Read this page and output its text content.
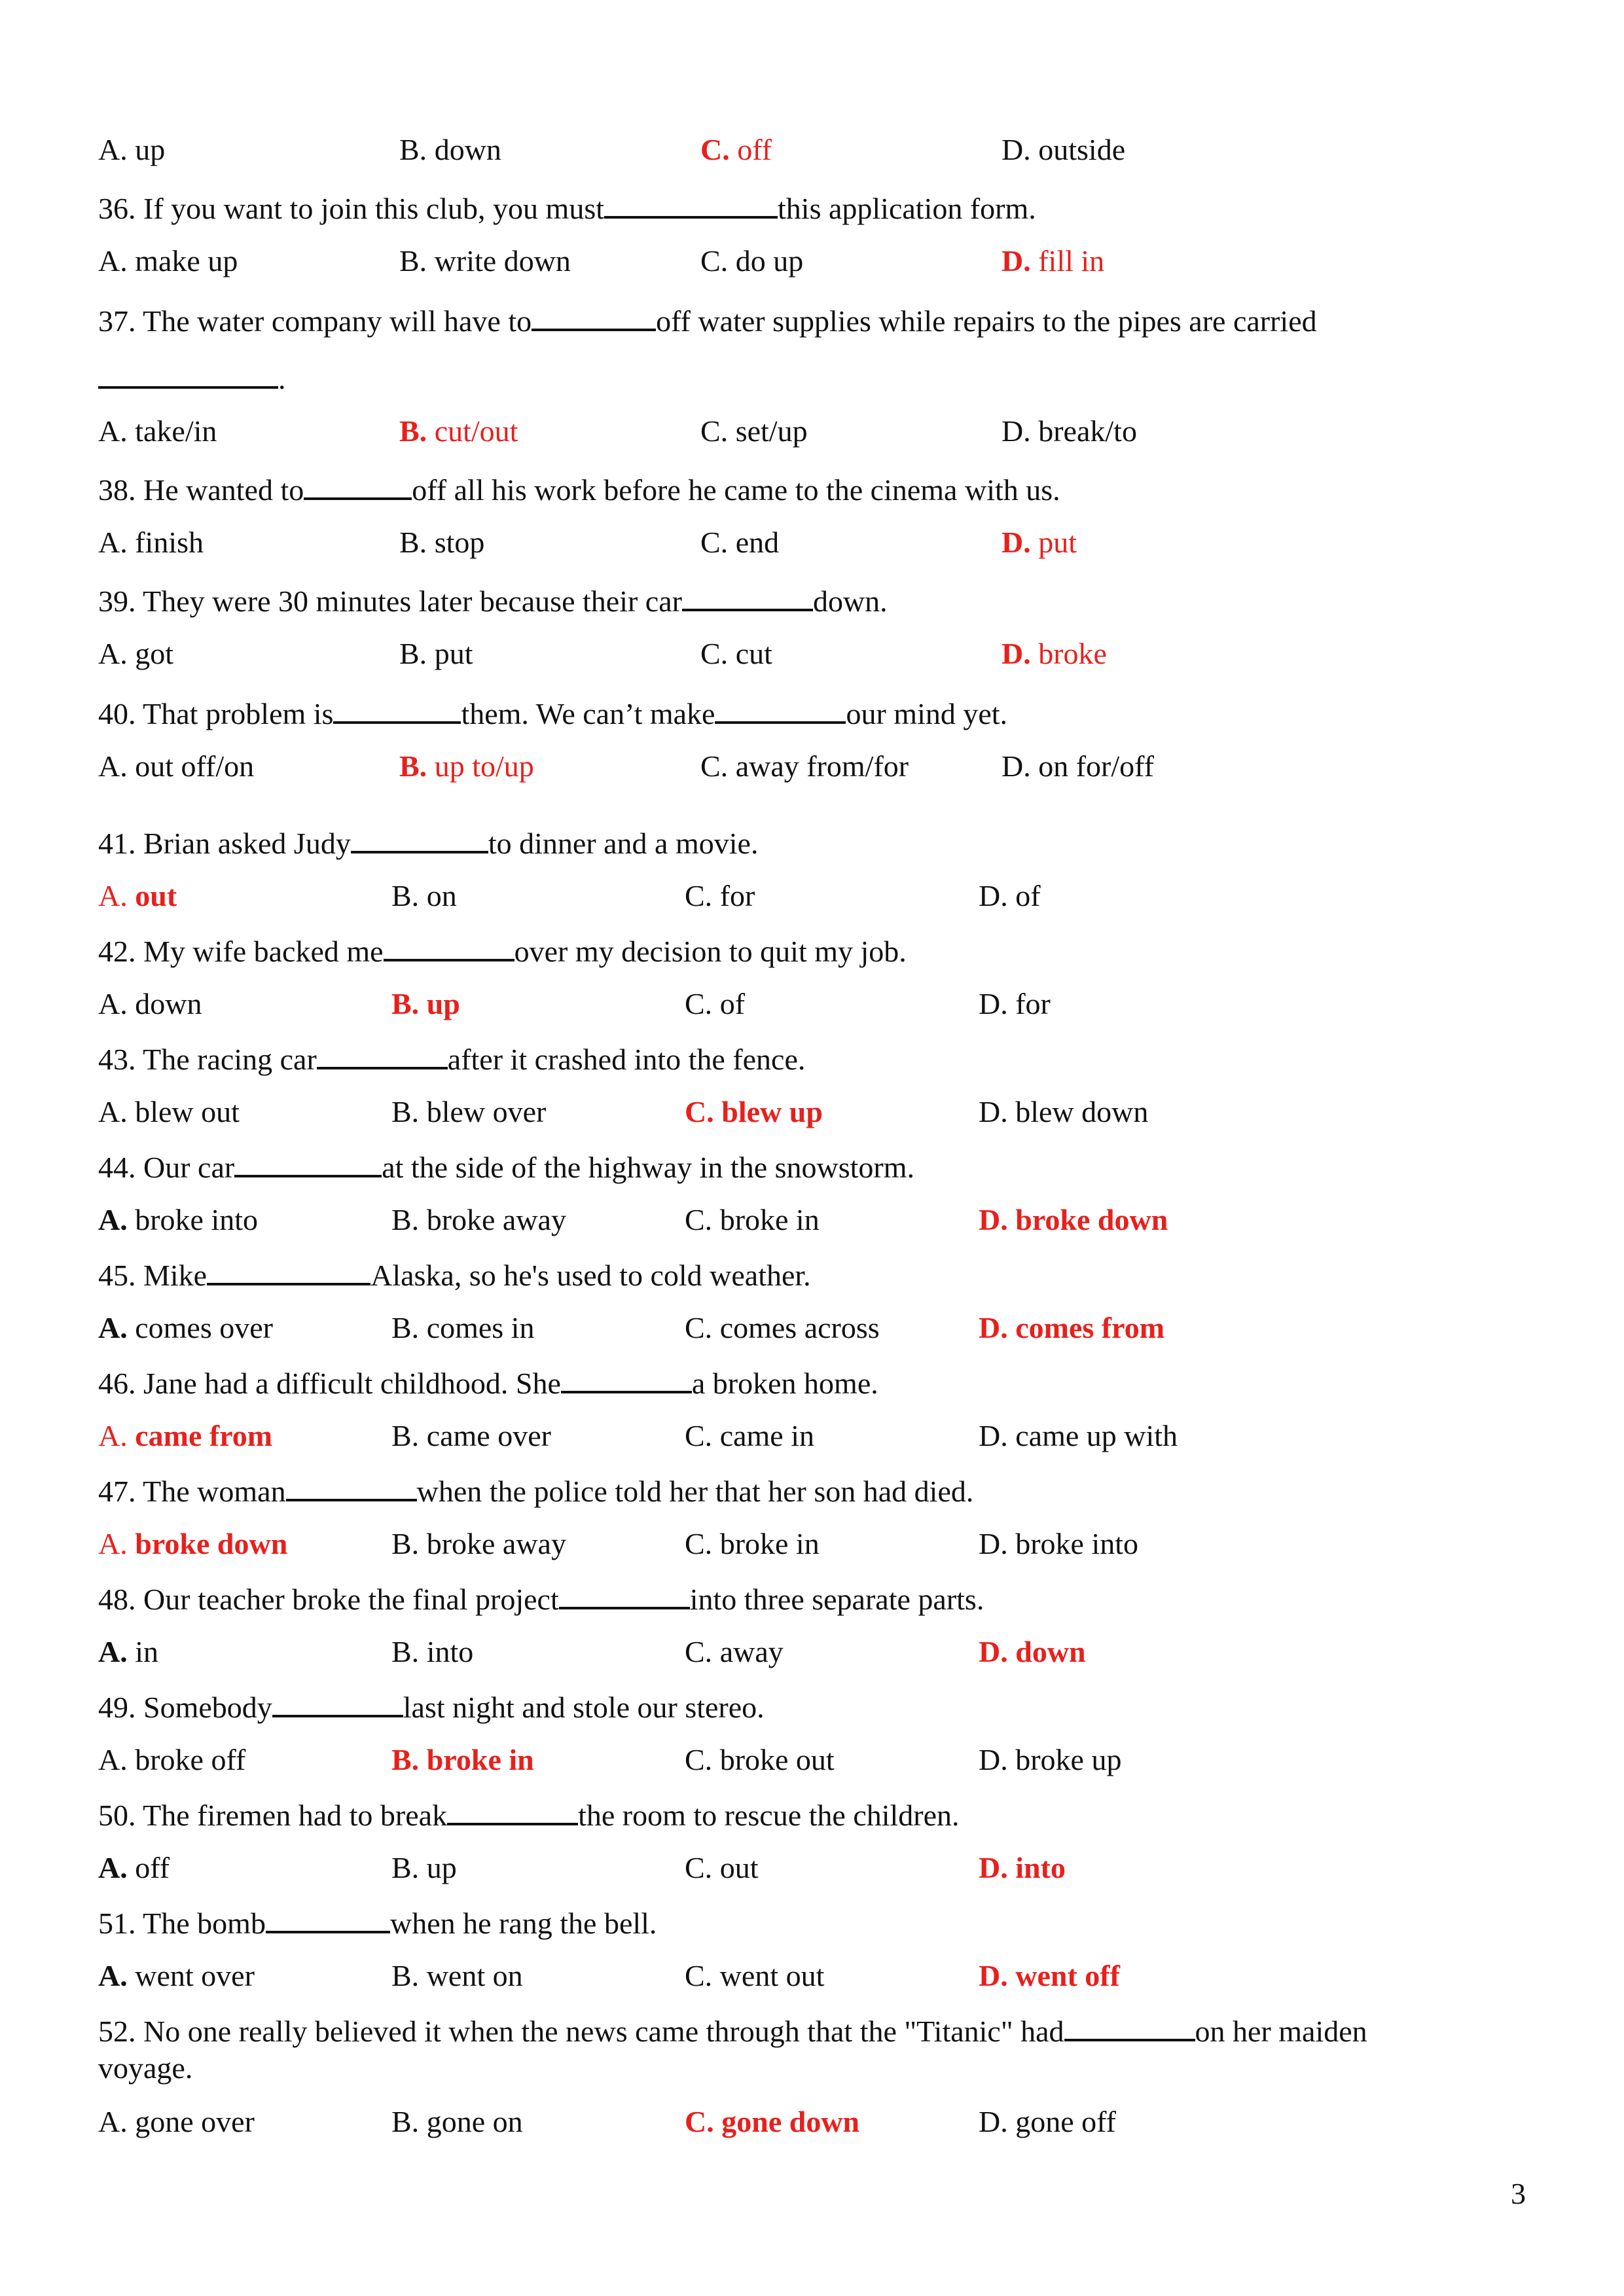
A. up	B. down	C. off	D. outside
36. If you want to join this club, you must	this application form.
A. make up	B. write down	C. do up	D. fill in
37. The water company will have to	off water supplies while repairs to the pipes are carried
.
A. take/in	B. cut/out	C. set/up	D. break/to
38. He wanted to	off all his work before he came to the cinema with us.
A. finish	B. stop	C. end	D. put
39. They were 30 minutes later because their car	down.
A. got	B. put	C. cut	D. broke
40. That problem is	them. We can’t make	our mind yet.
A. out off/on	B. up to/up	C. away from/for	D. on for/off
41. Brian asked Judy	to dinner and a movie.
A. out	B. on	C. for	D. of
42. My wife backed me	over my decision to quit my job.
A. down	B. up	C. of	D. for
43. The racing car	after it crashed into the fence.
A. blew out	B. blew over	C. blew up	D. blew down
44. Our car	at the side of the highway in the snowstorm.
A. broke into	B. broke away	C. broke in	D. broke down
45. Mike	Alaska, so he's used to cold weather.
A. comes over	B. comes in	C. comes across	D. comes from
46. Jane had a difficult childhood. She	a broken home.
A. came from	B. came over	C. came in	D. came up with
47. The woman	when the police told her that her son had died.
A. broke down	B. broke away	C. broke in	D. broke into
48. Our teacher broke the final project	into three separate parts.
A. in	B. into	C. away	D. down
49. Somebody	last night and stole our stereo.
A. broke off	B. broke in	C. broke out	D. broke up
50. The firemen had to break	the room to rescue the children.
A. off	B. up	C. out	D. into
51. The bomb	when he rang the bell.
A. went over	B. went on	C. went out	D. went off
52. No one really believed it when the news came through that the "Titanic" had	on her maiden
voyage.
A. gone over	B. gone on	C. gone down	D. gone off
3
